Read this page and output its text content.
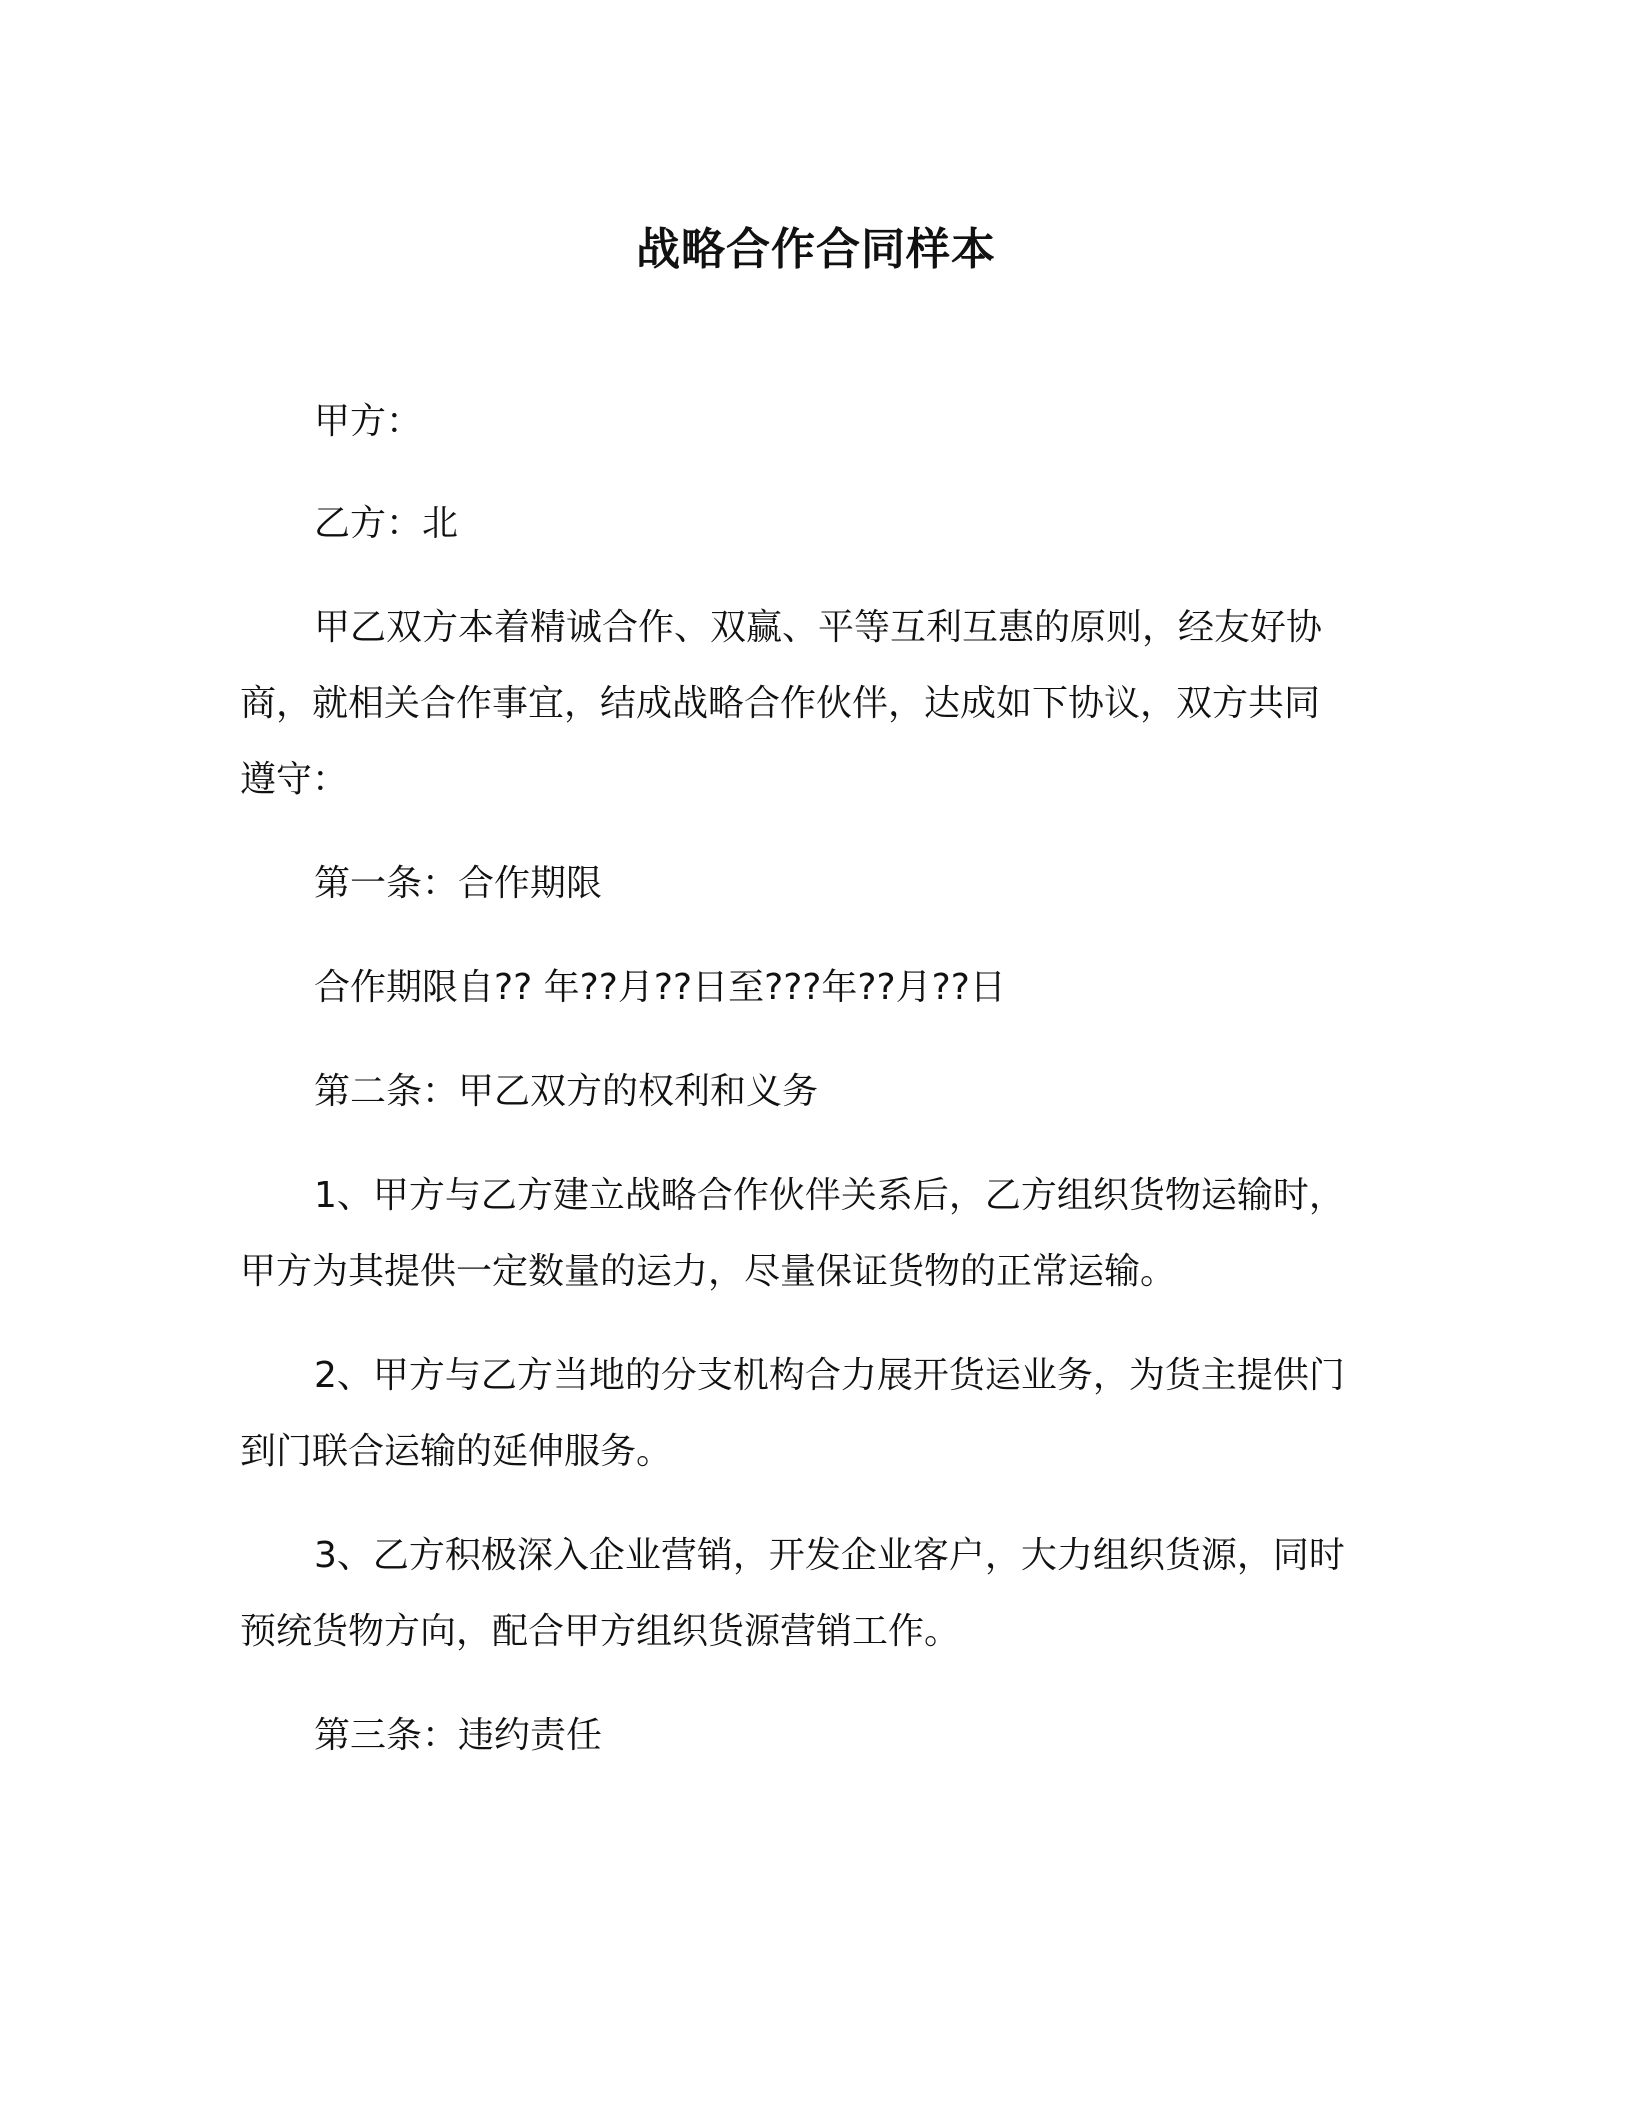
战略合作合同样本
甲方：
乙方：北
甲乙双方本着精诚合作、双赢、平等互利互惠的原则，经友好协
商，就相关合作事宜，结成战略合作伙伴，达成如下协议，双方共同
遵守：
第一条：合作期限
合作期限自?? 年??月??日至???年??月??日
第二条：甲乙双方的权利和义务
1、甲方与乙方建立战略合作伙伴关系后，乙方组织货物运输时，
甲方为其提供一定数量的运力，尽量保证货物的正常运输。
2、甲方与乙方当地的分支机构合力展开货运业务，为货主提供门
到门联合运输的延伸服务。
3、乙方积极深入企业营销，开发企业客户，大力组织货源，同时
预统货物方向，配合甲方组织货源营销工作。
第三条：违约责任
